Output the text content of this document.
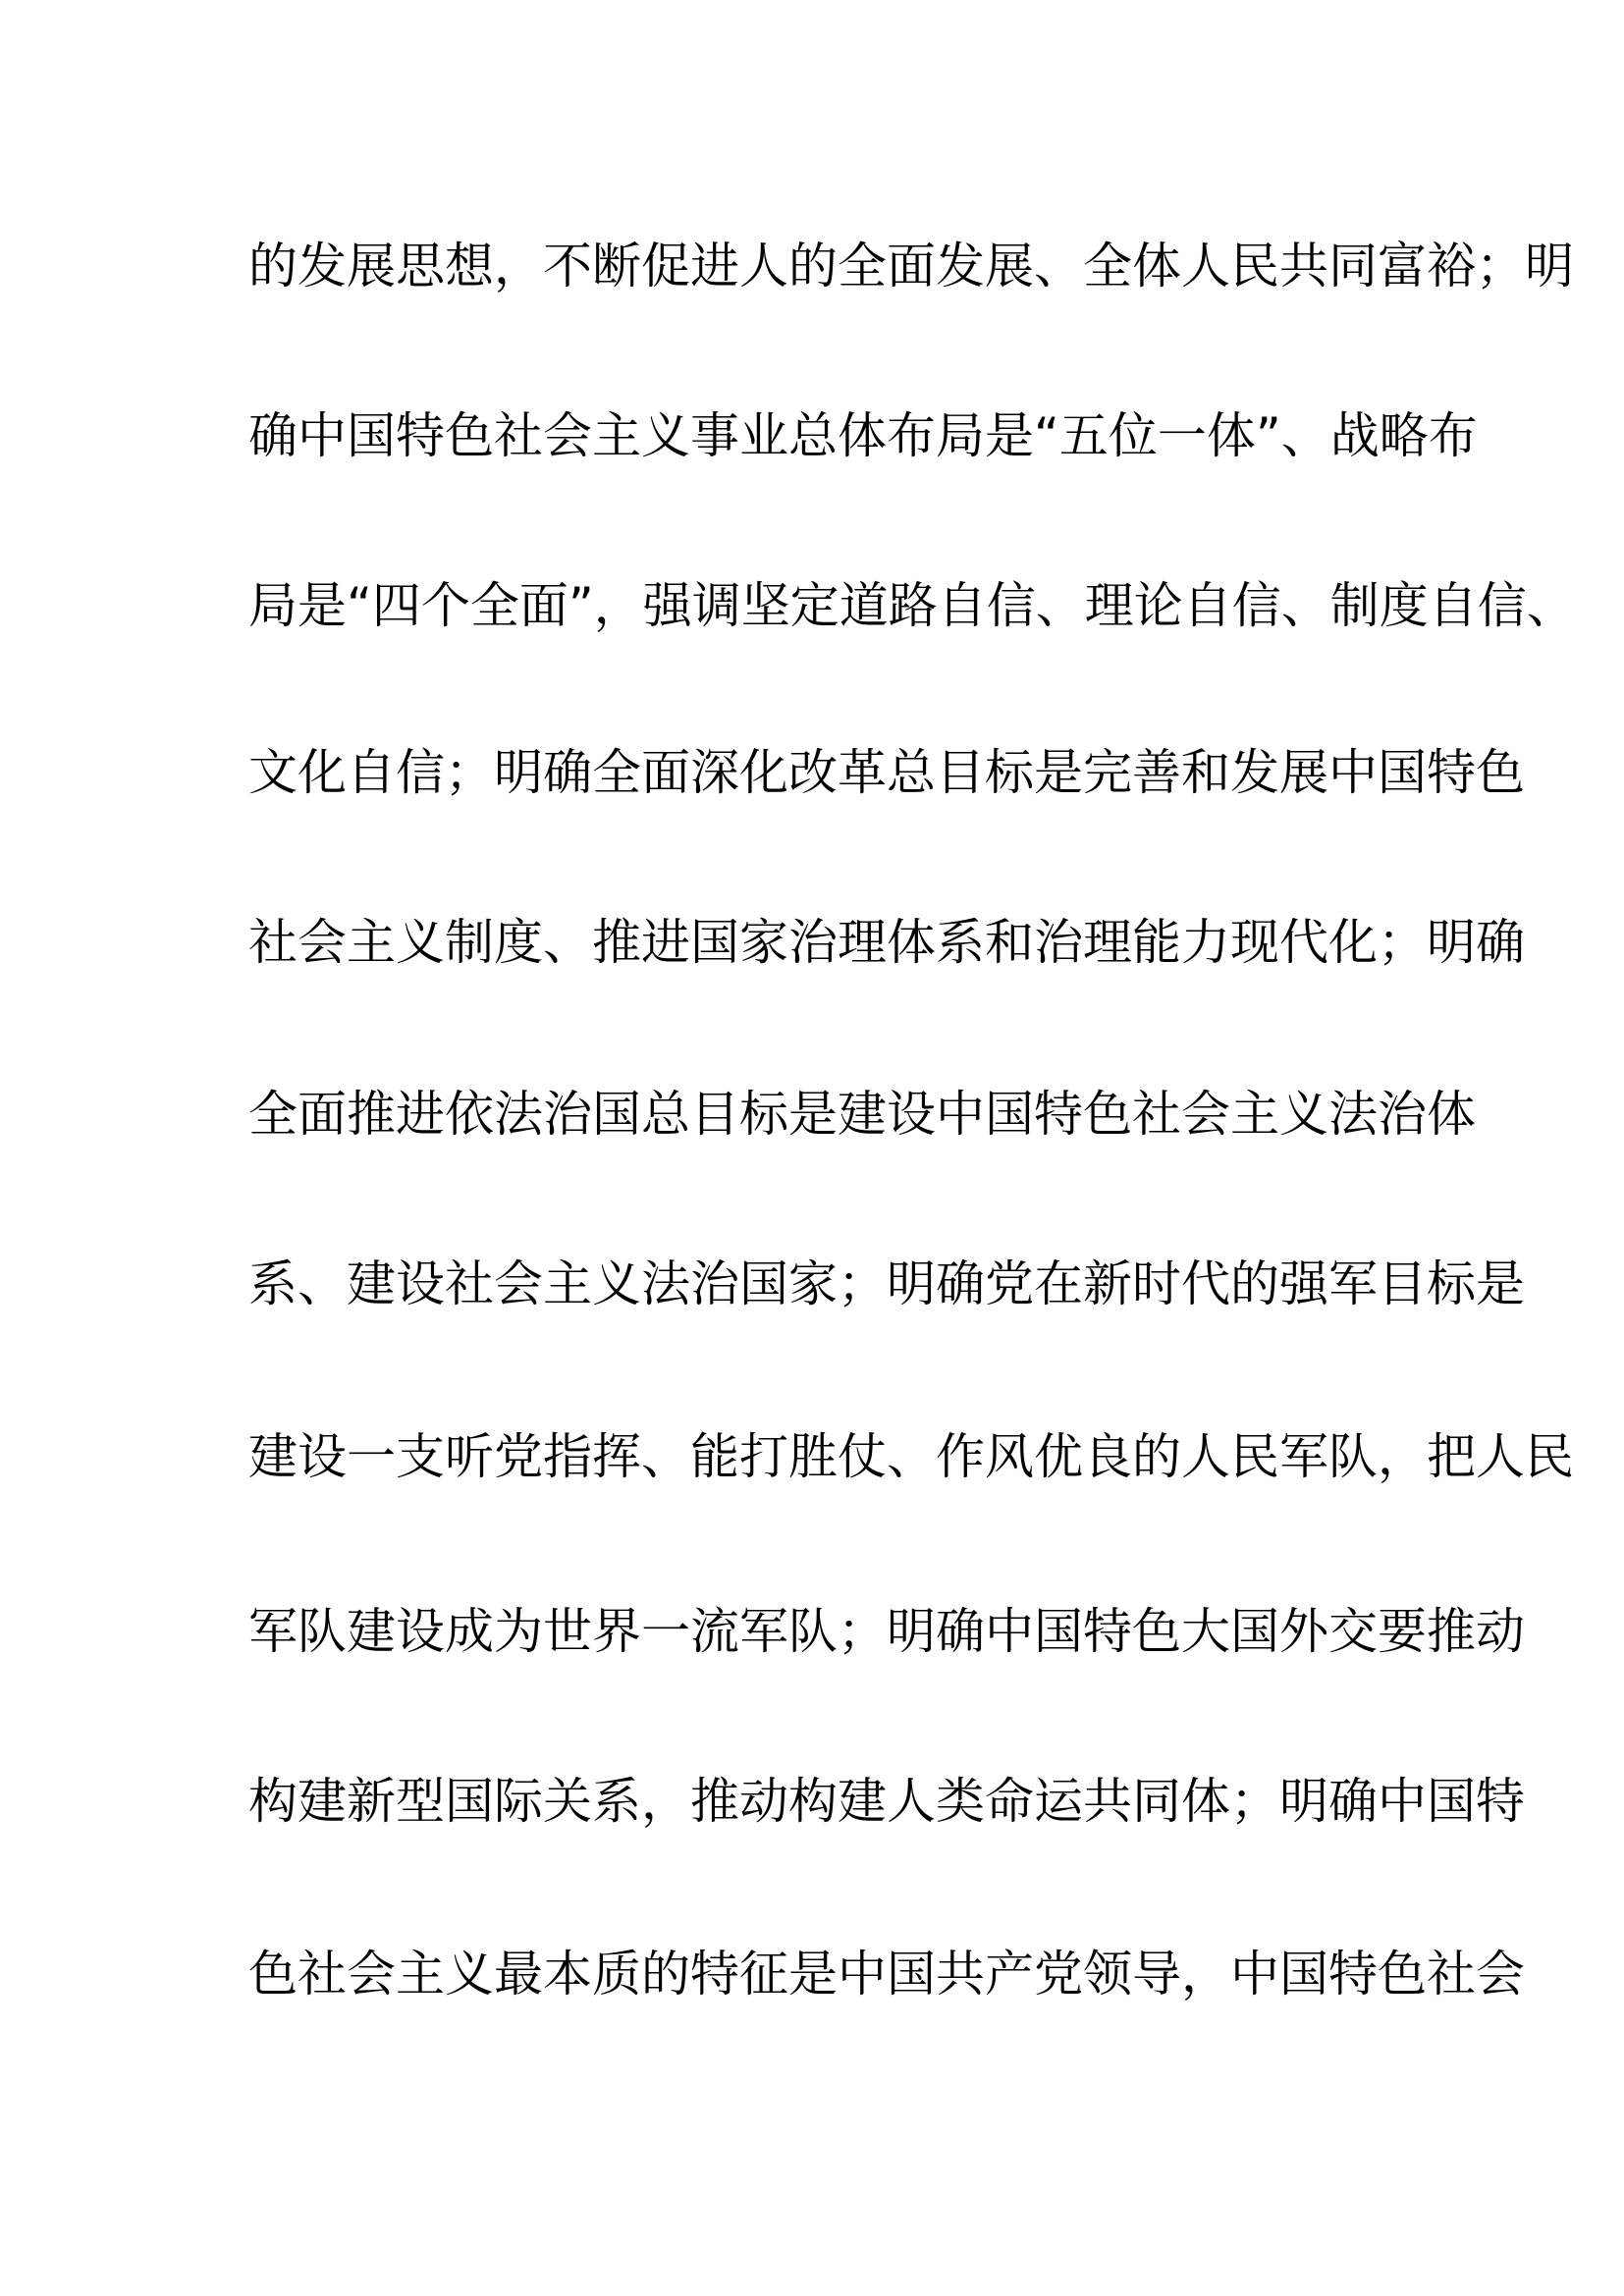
的发展思想，不断促进人的全面发展、全体人民共同富裕；明
确中国特色社会主义事业总体布局是“五位一体”、战略布
局是“四个全面”，强调坚定道路自信、理论自信、制度自信、
文化自信；明确全面深化改革总目标是完善和发展中国特色
社会主义制度、推进国家治理体系和治理能力现代化；明确
全面推进依法治国总目标是建设中国特色社会主义法治体
系、建设社会主义法治国家；明确党在新时代的强军目标是
建设一支听党指挥、能打胜仗、作风优良的人民军队，把人民
军队建设成为世界一流军队；明确中国特色大国外交要推动
构建新型国际关系，推动构建人类命运共同体；明确中国特
色社会主义最本质的特征是中国共产党领导，中国特色社会
